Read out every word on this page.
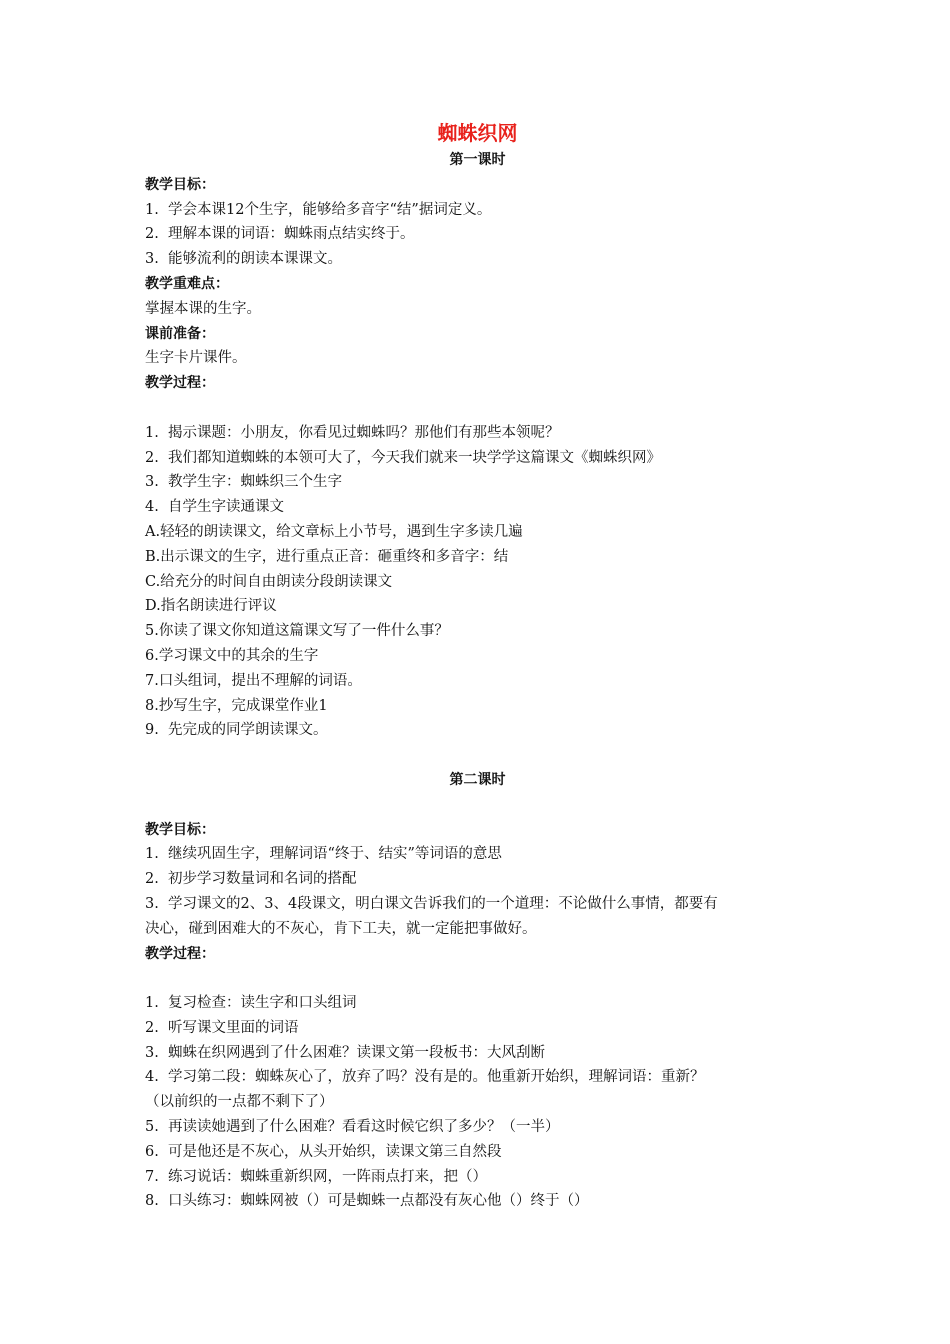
蜘蛛织网
第一课时
教学目标：
1.  学会本课12个生字，能够给多音字“结”据词定义。
2.  理解本课的词语：蜘蛛雨点结实终于。
3.  能够流利的朗读本课课文。
教学重难点：
掌握本课的生字。
课前准备：
生字卡片课件。
教学过程：
1.  揭示课题：小朋友，你看见过蜘蛛吗？那他们有那些本领呢？
2.  我们都知道蜘蛛的本领可大了，今天我们就来一块学学这篇课文《蜘蛛织网》
3.  教学生字：蜘蛛织三个生字
4.  自学生字读通课文
A.轻轻的朗读课文，给文章标上小节号，遇到生字多读几遍
B.出示课文的生字，进行重点正音：砸重终和多音字：结
C.给充分的时间自由朗读分段朗读课文
D.指名朗读进行评议
5.你读了课文你知道这篇课文写了一件什么事？
6.学习课文中的其余的生字
7.口头组词，提出不理解的词语。
8.抄写生字，完成课堂作业1
9.  先完成的同学朗读课文。
第二课时
教学目标：
1.  继续巩固生字，理解词语“终于、结实”等词语的意思
2.  初步学习数量词和名词的搭配
3.  学习课文的2、3、4段课文，明白课文告诉我们的一个道理：不论做什么事情，都要有
决心，碰到困难大的不灰心，肯下工夫，就一定能把事做好。
教学过程：
1.  复习检查：读生字和口头组词
2.  听写课文里面的词语
3.  蜘蛛在织网遇到了什么困难？读课文第一段板书：大风刮断
4.  学习第二段：蜘蛛灰心了，放弃了吗？没有是的。他重新开始织，理解词语：重新？
（以前织的一点都不剩下了）
5.  再读读她遇到了什么困难？看看这时候它织了多少？（一半）
6.  可是他还是不灰心，从头开始织，读课文第三自然段
7.  练习说话：蜘蛛重新织网，一阵雨点打来，把（）
8.  口头练习：蜘蛛网被（）可是蜘蛛一点都没有灰心他（）终于（）
